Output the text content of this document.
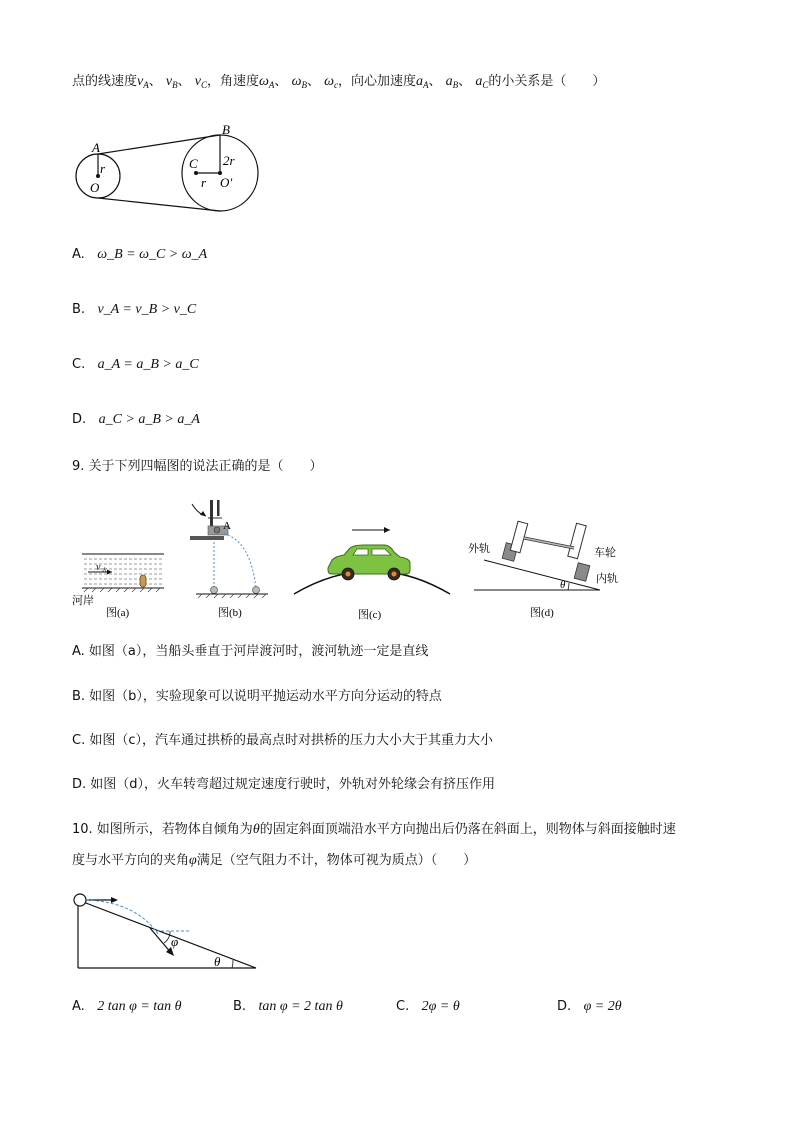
点的线速度$v_A$、 $v_B$、 $v_C$，角速度$\omega_A$、 $\omega_B$、 $\omega_c$，向心加速度$a_A$、 $a_B$、 $a_C$的小关系是（　　）
A
r
O
B
2r
C
r O′
A. ω_B = ω_C > ω_A
B. v_A = v_B > v_C
C. a_A = a_B > a_C
D. a_C > a_B > a_A
9. 关于下列四幅图的说法正确的是（　　）
$v_水$
河岸
图(a)
A
图(b)	图(c)
θ
外轨	车轮
内轨
图(d)
A. 如图（a），当船头垂直于河岸渡河时，渡河轨迹一定是直线
B. 如图（b），实验现象可以说明平抛运动水平方向分运动的特点
C. 如图（c），汽车通过拱桥的最高点时对拱桥的压力大小大于其重力大小
D. 如图（d），火车转弯超过规定速度行驶时，外轨对外轮缘会有挤压作用
10. 如图所示，若物体自倾角为θ的固定斜面顶端沿水平方向抛出后仍落在斜面上，则物体与斜面接触时速
度与水平方向的夹角φ满足（空气阻力不计，物体可视为质点）（　　）
φ
θ
A. 2 tan φ = tan θ	B. tan φ = 2 tan θ	C. 2φ = θ	D. φ = 2θ
